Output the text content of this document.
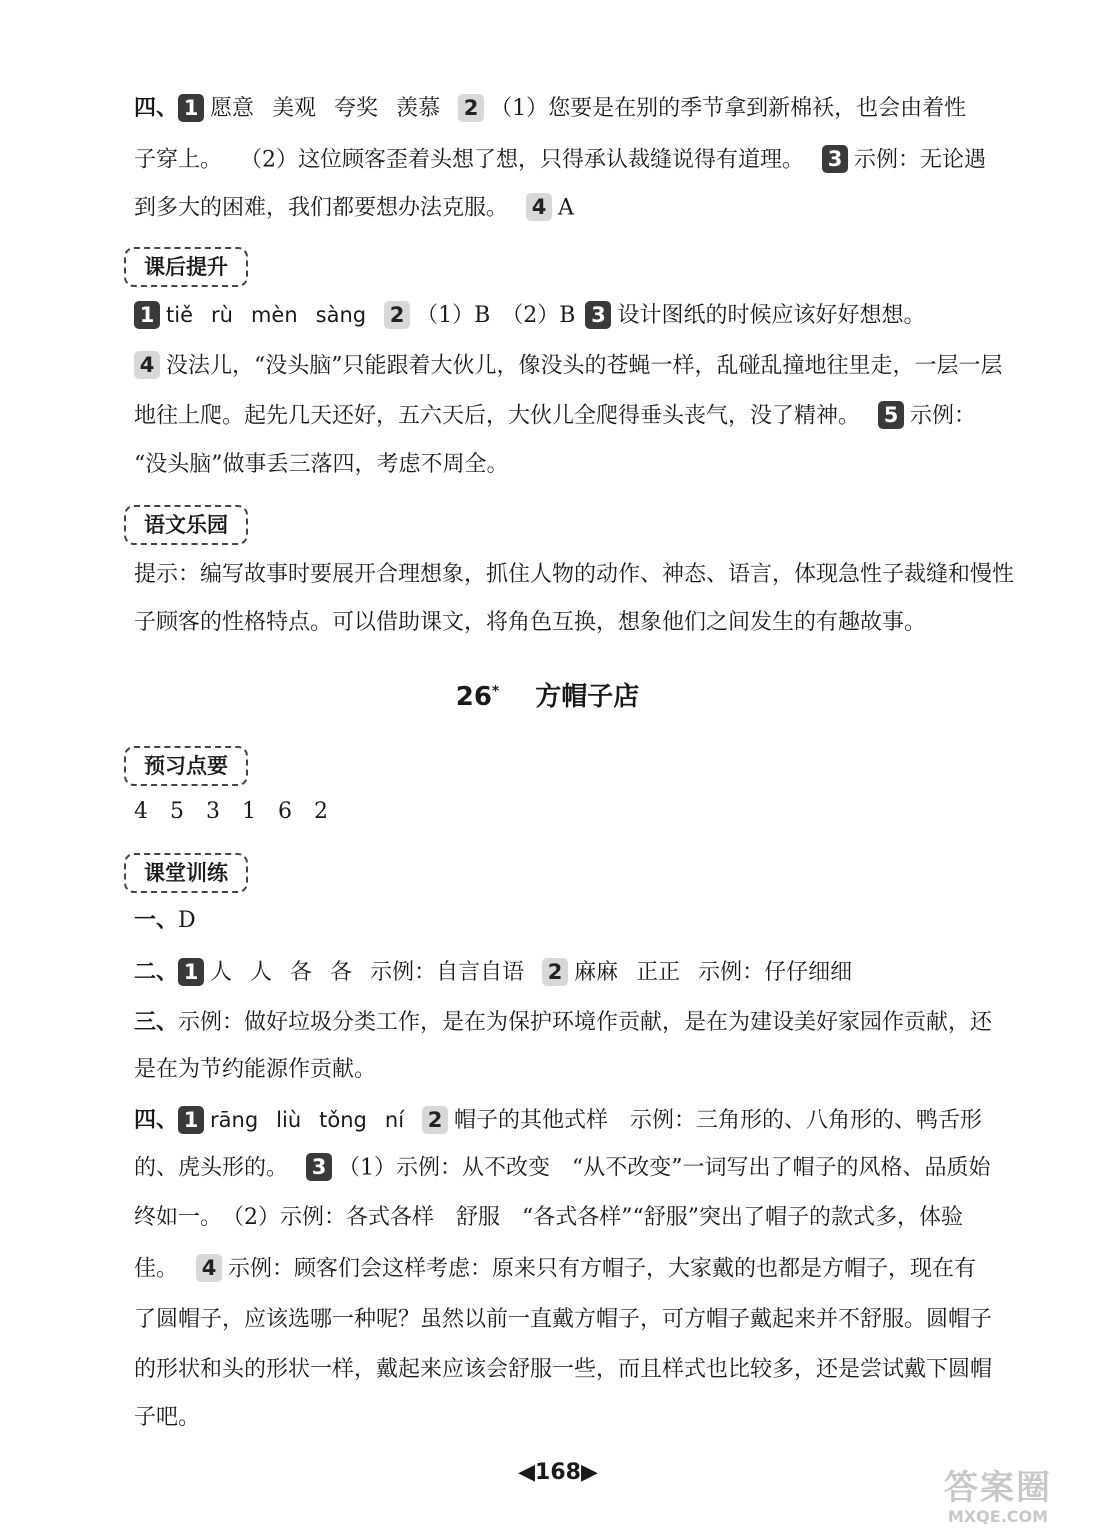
四、 1 愿意 美观 夸奖 羡慕 2 （1）您要是在别的季节拿到新棉袄，也会由着性
子穿上。 （2）这位顾客歪着头想了想，只得承认裁缝说得有道理。 3 示例：无论遇
到多大的困难，我们都要想办法克服。 4 A
课后提升
1 tiě rù mèn sàng 2 （1）B　（2）B 3 设计图纸的时候应该好好想想。
4 没法儿，“没头脑”只能跟着大伙儿，像没头的苍蝇一样，乱碰乱撞地往里走，一层一层
地往上爬。起先几天还好，五六天后，大伙儿全爬得垂头丧气，没了精神。 5 示例：
“没头脑”做事丢三落四，考虑不周全。
语文乐园
提示：编写故事时要展开合理想象，抓住人物的动作、神态、语言，体现急性子裁缝和慢性
子顾客的性格特点。可以借助课文，将角色互换，想象他们之间发生的有趣故事。
26* 方帽子店
预习点要
4　5　3　1　6　2
课堂训练
一、D
二、 1 人 人 各 各 示例：自言自语 2 麻麻 正正 示例：仔仔细细
三、示例：做好垃圾分类工作，是在为保护环境作贡献，是在为建设美好家园作贡献，还
是在为节约能源作贡献。
四、 1 rāng liù tǒng ní 2 帽子的其他式样　示例：三角形的、八角形的、鸭舌形
的、虎头形的。 3 （1）示例：从不改变　“从不改变”一词写出了帽子的风格、品质始
终如一。　（2）示例：各式各样　舒服　“各式各样”“舒服”突出了帽子的款式多，体验
佳。 4 示例：顾客们会这样考虑：原来只有方帽子，大家戴的也都是方帽子，现在有
了圆帽子，应该选哪一种呢？虽然以前一直戴方帽子，可方帽子戴起来并不舒服。圆帽子
的形状和头的形状一样，戴起来应该会舒服一些，而且样式也比较多，还是尝试戴下圆帽
子吧。
◀168▶	答案圈
MXQE.COM
